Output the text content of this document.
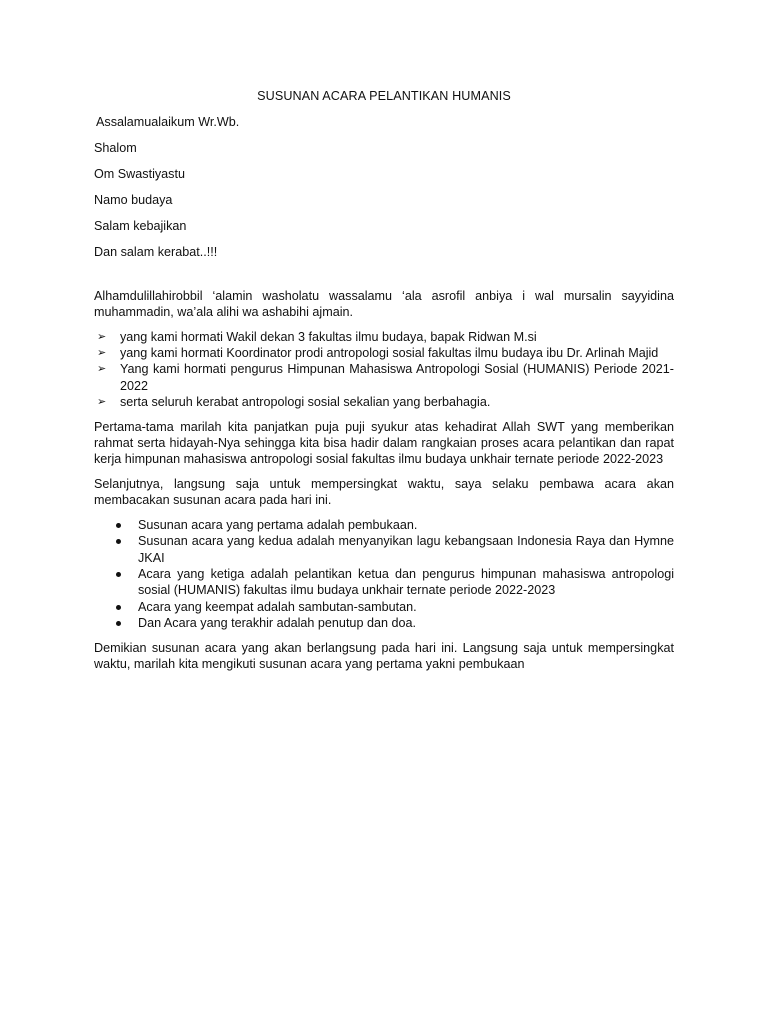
SUSUNAN ACARA PELANTIKAN HUMANIS
Assalamualaikum Wr.Wb.
Shalom
Om Swastiyastu
Namo budaya
Salam kebajikan
Dan salam kerabat..!!!

Alhamdulillahirobbil ‘alamin washolatu wassalamu ‘ala asrofil anbiya i wal mursalin sayyidina muhammadin, wa’ala alihi wa ashabihi ajmain.

➢ yang kami hormati Wakil dekan 3 fakultas ilmu budaya, bapak Ridwan M.si
➢ yang kami hormati Koordinator prodi antropologi sosial fakultas ilmu budaya ibu Dr. Arlinah Majid
➢ Yang kami hormati pengurus Himpunan Mahasiswa Antropologi Sosial (HUMANIS) Periode 2021-2022
➢ serta seluruh kerabat antropologi sosial sekalian yang berbahagia.

Pertama-tama marilah kita panjatkan puja puji syukur atas kehadirat Allah SWT yang memberikan rahmat serta hidayah-Nya sehingga kita bisa hadir dalam rangkaian proses acara pelantikan dan rapat kerja himpunan mahasiswa antropologi sosial fakultas ilmu budaya unkhair ternate periode 2022-2023

Selanjutnya, langsung saja untuk mempersingkat waktu, saya selaku pembawa acara akan membacakan susunan acara pada hari ini.

Susunan acara yang pertama adalah pembukaan.
Susunan acara yang kedua adalah menyanyikan lagu kebangsaan Indonesia Raya dan Hymne JKAI
Acara yang ketiga adalah pelantikan ketua dan pengurus himpunan mahasiswa antropologi sosial (HUMANIS) fakultas ilmu budaya unkhair ternate periode 2022-2023
Acara yang keempat adalah sambutan-sambutan.
Dan Acara yang terakhir adalah penutup dan doa.

Demikian susunan acara yang akan berlangsung pada hari ini. Langsung saja untuk mempersingkat waktu, marilah kita mengikuti susunan acara yang pertama yakni pembukaan
